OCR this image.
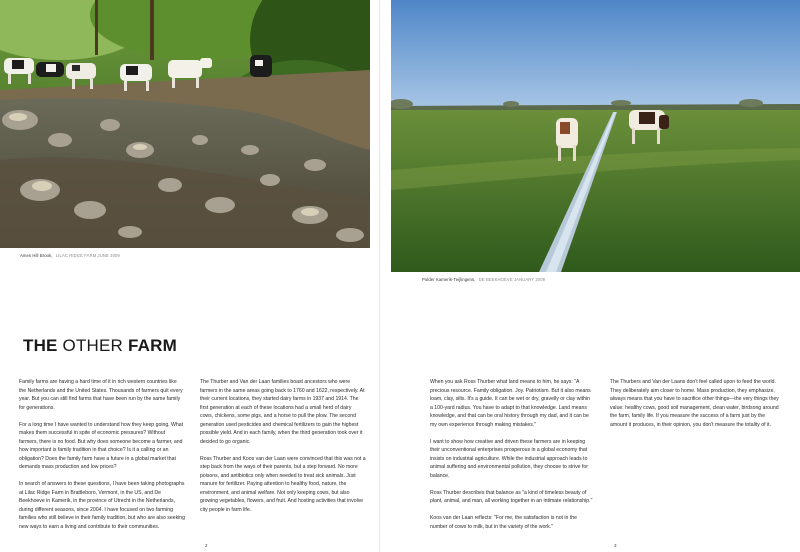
Ames Hill Brook, LILAC RIDGE FARM JUNE 2009
Polder Kamerik-Teijlingens, DE BEEKHOEVE JANUARY 2009
THE OTHER FARM

Family farms are having a hard time of it in rich western countries like the Netherlands and the United States. Thousands of farmers quit every year. But you can still find farms that have been run by the same family for generations.

For a long time I have wanted to understand how they keep going. What makes them successful in spite of economic pressures? Without farmers, there is no food. But why does someone become a farmer, and how important is family tradition in that choice? Is it a calling or an obligation? Does the family farm have a future in a global market that demands mass production and low prices?

In search of answers to these questions, I have been taking photographs at Lilac Ridge Farm in Brattleboro, Vermont, in the US, and De Beekhoeve in Kamerik, in the province of Utrecht in the Netherlands, during different seasons, since 2004. I have focused on two farming families who still believe in their family tradition, but who are also seeking new ways to earn a living and contribute to their communities.

The Thurber and Van der Laan families boast ancestors who were farmers in the same areas going back to 1760 and 1622, respectively. At their current locations, they started dairy farms in 1937 and 1914. The first generation at each of these locations had a small herd of dairy cows, chickens, some pigs, and a horse to pull the plow. The second generation used pesticides and chemical fertilizers to gain the highest possible yield. And in each family, when the third generation took over it decided to go organic.

Ross Thurber and Koos van der Laan were convinced that this was not a step back from the ways of their parents, but a step forward. No more poisons, and antibiotics only when needed to treat sick animals. Just manure for fertilizer. Paying attention to healthy food, nature, the environment, and animal welfare. Not only keeping cows, but also growing vegetables, flowers, and fruit. And hosting activities that involve city people in farm life.

When you ask Ross Thurber what land means to him, he says: "A precious resource. Family obligation. Joy. Patriotism. But it also means loam, clay, silts. It's a guide. It can be wet or dry, gravelly or clay within a 100-yard radius. You have to adapt to that knowledge. Land means knowledge, and that can be oral history through my dad, and it can be my own experience through making mistakes."

I want to show how creative and driven these farmers are in keeping their unconventional enterprises prosperous in a global economy that insists on industrial agriculture. While the industrial approach leads to animal suffering and environmental pollution, they choose to strive for balance.

Ross Thurber describes that balance as "a kind of timeless beauty of plant, animal, and man, all working together in an intimate relationship."

Koos van der Laan reflects: "For me, the satisfaction is not in the number of cows to milk, but in the variety of the work."

The Thurbers and Van der Laans don't feel called upon to feed the world. They deliberately aim closer to home. Mass production, they emphasize, always means that you have to sacrifice other things—the very things they value: healthy cows, good soil management, clean water, birdsong around the farm, family life. If you measure the success of a farm just by the amount it produces, in their opinion, you don't measure the totality of it.

2	3
